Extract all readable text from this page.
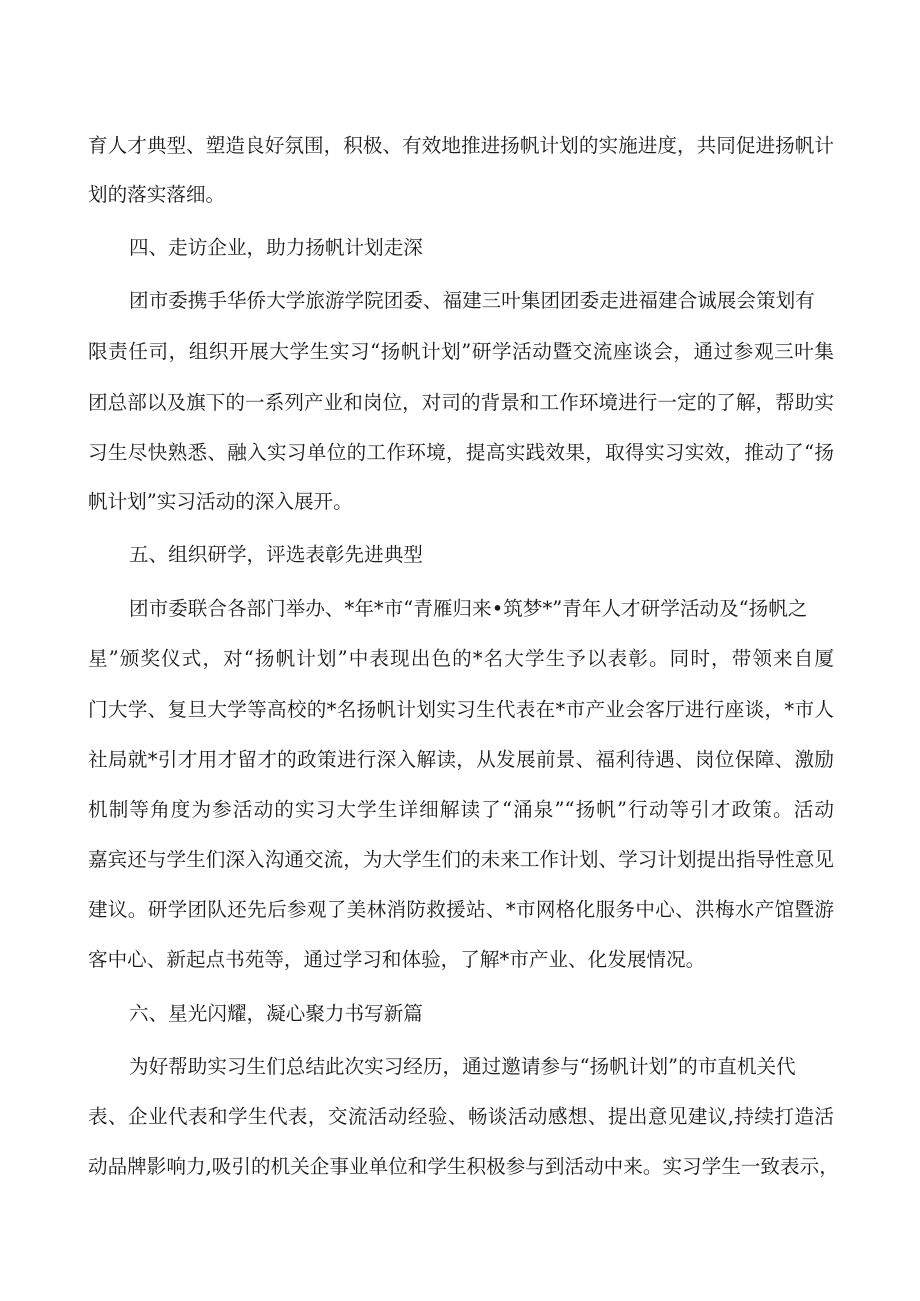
育人才典型、塑造良好氛围，积极、有效地推进扬帆计划的实施进度，共同促进扬帆计
划的落实落细。
四、走访企业，助力扬帆计划走深
团市委携手华侨大学旅游学院团委、福建三叶集团团委走进福建合诚展会策划有
限责任司，组织开展大学生实习“扬帆计划”研学活动暨交流座谈会，通过参观三叶集
团总部以及旗下的一系列产业和岗位，对司的背景和工作环境进行一定的了解，帮助实
习生尽快熟悉、融入实习单位的工作环境，提高实践效果，取得实习实效，推动了“扬
帆计划”实习活动的深入展开。
五、组织研学，评选表彰先进典型
团市委联合各部门举办、*年*市“青雁归来•筑梦*”青年人才研学活动及“扬帆之
星”颁奖仪式，对“扬帆计划”中表现出色的*名大学生予以表彰。同时，带领来自厦
门大学、复旦大学等高校的*名扬帆计划实习生代表在*市产业会客厅进行座谈，*市人
社局就*引才用才留才的政策进行深入解读，从发展前景、福利待遇、岗位保障、激励
机制等角度为参活动的实习大学生详细解读了“涌泉”“扬帆”行动等引才政策。活动
嘉宾还与学生们深入沟通交流，为大学生们的未来工作计划、学习计划提出指导性意见
建议。研学团队还先后参观了美林消防救援站、*市网格化服务中心、洪梅水产馆暨游
客中心、新起点书苑等，通过学习和体验，了解*市产业、化发展情况。
六、星光闪耀，凝心聚力书写新篇
为好帮助实习生们总结此次实习经历，通过邀请参与“扬帆计划”的市直机关代
表、企业代表和学生代表，交流活动经验、畅谈活动感想、提出意见建议,持续打造活
动品牌影响力,吸引的机关企事业单位和学生积极参与到活动中来。实习学生一致表示，
